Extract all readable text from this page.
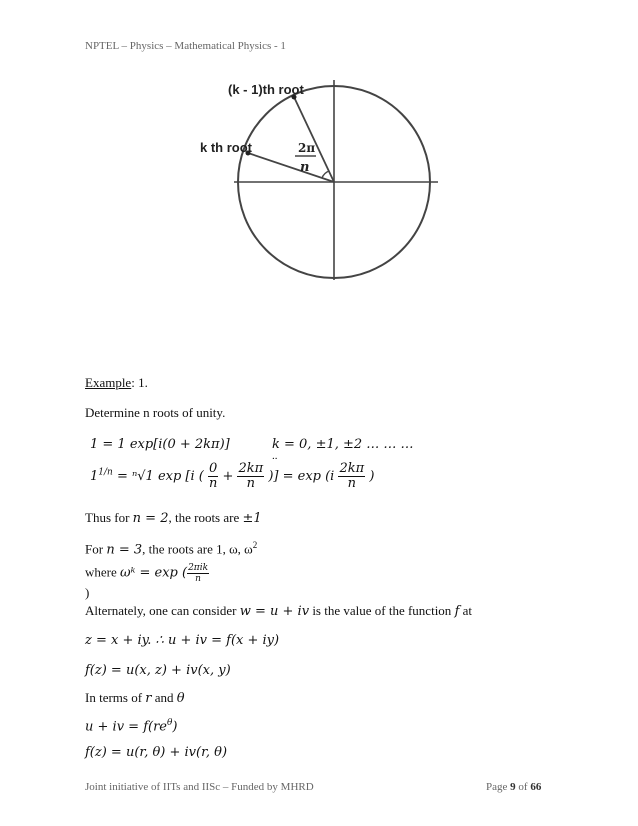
NPTEL – Physics – Mathematical Physics - 1
(k - 1)th root
k th root	2π
n
Example: 1.
Determine n roots of unity.
1 = 1 exp[i(0 + 2kπ)]	k = 0, ±1, ±2 … … …
..
$1^{1/n} = ^n√1$ exp [i ( $\frac{0}{n} + \frac{2k\pi}{n}$ )] = $\exp (i \frac{2k\pi}{n}$ )
Thus for n = 2, the roots are ±1
For n = 3, the roots are 1, ω, $\omega^2$
where ωᵏ = exp ( $\frac{\text{2πik}}{n}$
)
Alternately, one can consider w = u + iv is the value of the function f at
z = x + iy. ∴ u + iv = f(x + iy)
f(z) = u(x, z) + iv(x, y)
In terms of r and θ
u + iv = $f(re^\theta)$
f(z) = u(r, θ) + iv(r, θ)
Joint initiative of IITs and IISc – Funded by MHRD	Page 9 of 66
